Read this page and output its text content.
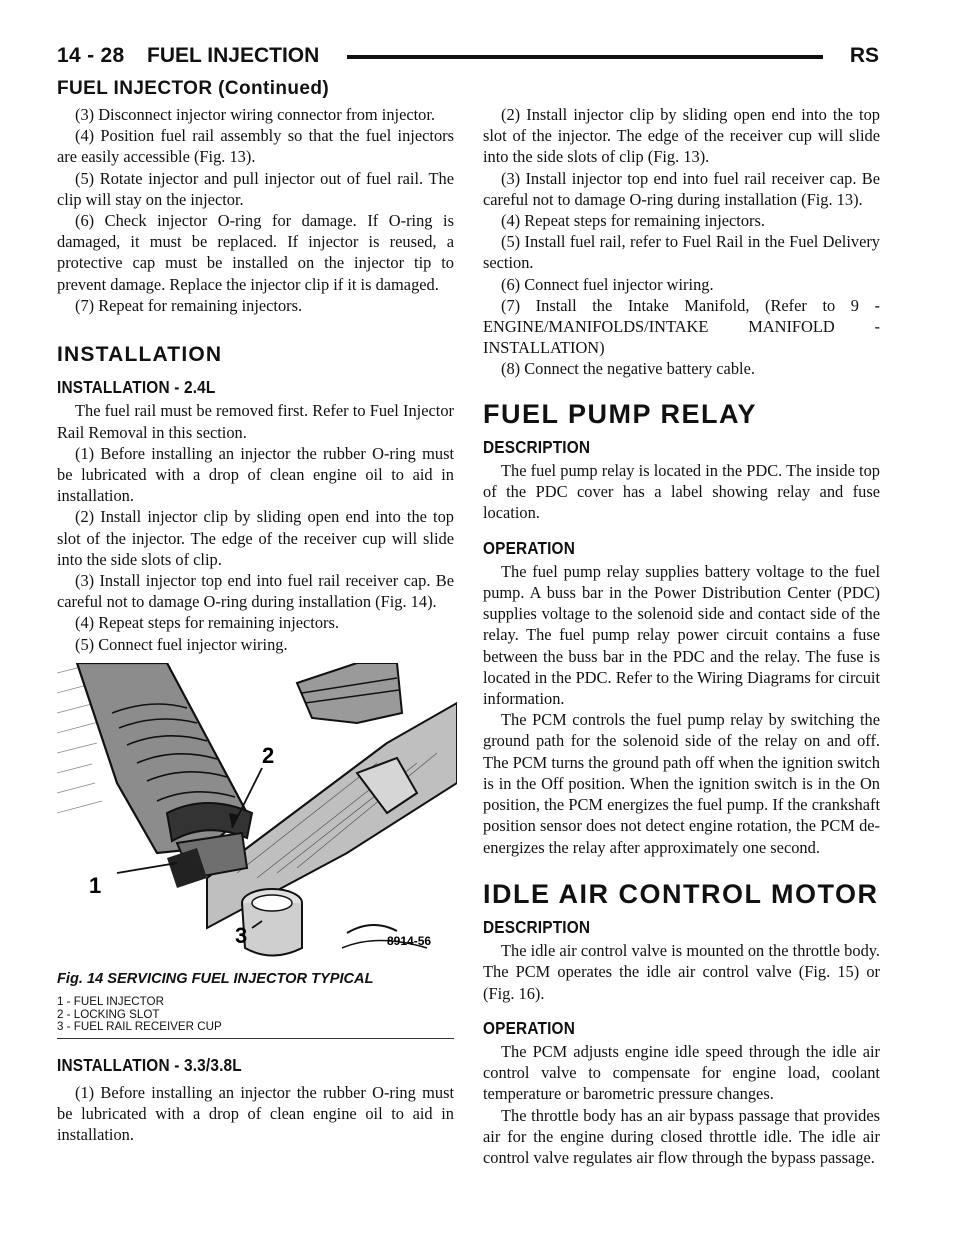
14 - 28 FUEL INJECTION	RS
FUEL INJECTOR (Continued)

(3) Disconnect injector wiring connector from injector.

(4) Position fuel rail assembly so that the fuel injectors are easily accessible (Fig. 13).

(5) Rotate injector and pull injector out of fuel rail. The clip will stay on the injector.

(6) Check injector O-ring for damage. If O-ring is damaged, it must be replaced. If injector is reused, a protective cap must be installed on the injector tip to prevent damage. Replace the injector clip if it is damaged.

(7) Repeat for remaining injectors.

INSTALLATION
INSTALLATION - 2.4L

The fuel rail must be removed first. Refer to Fuel Injector Rail Removal in this section.

(1) Before installing an injector the rubber O-ring must be lubricated with a drop of clean engine oil to aid in installation.

(2) Install injector clip by sliding open end into the top slot of the injector. The edge of the receiver cup will slide into the side slots of clip.

(3) Install injector top end into fuel rail receiver cap. Be careful not to damage O-ring during installation (Fig. 14).

(4) Repeat steps for remaining injectors.

(5) Connect fuel injector wiring.

1
2
3	8914-56
Fig. 14 SERVICING FUEL INJECTOR TYPICAL
1 - FUEL INJECTOR
2 - LOCKING SLOT
3 - FUEL RAIL RECEIVER CUP
INSTALLATION - 3.3/3.8L

(1) Before installing an injector the rubber O-ring must be lubricated with a drop of clean engine oil to aid in installation.

(2) Install injector clip by sliding open end into the top slot of the injector. The edge of the receiver cup will slide into the side slots of clip (Fig. 13).

(3) Install injector top end into fuel rail receiver cap. Be careful not to damage O-ring during installation (Fig. 13).

(4) Repeat steps for remaining injectors.

(5) Install fuel rail, refer to Fuel Rail in the Fuel Delivery section.

(6) Connect fuel injector wiring.

(7) Install the Intake Manifold, (Refer to 9 - ENGINE/MANIFOLDS/INTAKE MANIFOLD - INSTALLATION)

(8) Connect the negative battery cable.

FUEL PUMP RELAY
DESCRIPTION

The fuel pump relay is located in the PDC. The inside top of the PDC cover has a label showing relay and fuse location.

OPERATION

The fuel pump relay supplies battery voltage to the fuel pump. A buss bar in the Power Distribution Center (PDC) supplies voltage to the solenoid side and contact side of the relay. The fuel pump relay power circuit contains a fuse between the buss bar in the PDC and the relay. The fuse is located in the PDC. Refer to the Wiring Diagrams for circuit information.

The PCM controls the fuel pump relay by switching the ground path for the solenoid side of the relay on and off. The PCM turns the ground path off when the ignition switch is in the Off position. When the ignition switch is in the On position, the PCM energizes the fuel pump. If the crankshaft position sensor does not detect engine rotation, the PCM de-energizes the relay after approximately one second.

IDLE AIR CONTROL MOTOR
DESCRIPTION

The idle air control valve is mounted on the throttle body. The PCM operates the idle air control valve (Fig. 15) or (Fig. 16).

OPERATION

The PCM adjusts engine idle speed through the idle air control valve to compensate for engine load, coolant temperature or barometric pressure changes.

The throttle body has an air bypass passage that provides air for the engine during closed throttle idle. The idle air control valve regulates air flow through the bypass passage.
